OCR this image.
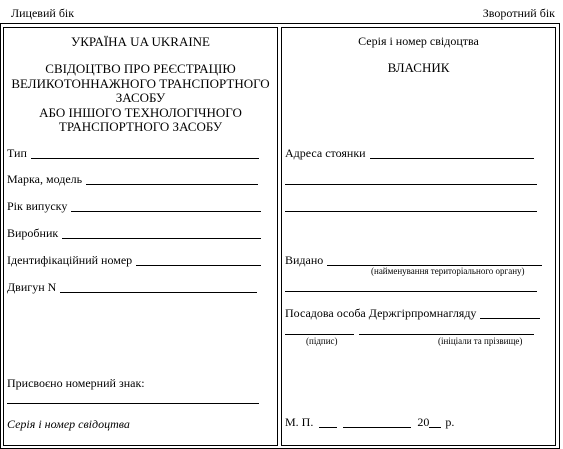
Лицевий бік	Зворотний бік
УКРАЇНА UA UKRAINE
СВІДОЦТВО ПРО РЕЄСТРАЦІЮ
ВЕЛИКОТОННАЖНОГО ТРАНСПОРТНОГО
ЗАСОБУ
АБО ІНШОГО ТЕХНОЛОГІЧНОГО
ТРАНСПОРТНОГО ЗАСОБУ
Тип
Марка, модель
Рік випуску
Виробник
Ідентифікаційний номер
Двигун N
Присвоєно номерний знак:
Серія і номер свідоцтва
Серія і номер свідоцтва
ВЛАСНИК
Адреса стоянки
Видано
(найменування територіального органу)
Посадова особа Держгірпромнагляду
(підпис)	(ініціали та прізвище)
М. П.	20 р.
